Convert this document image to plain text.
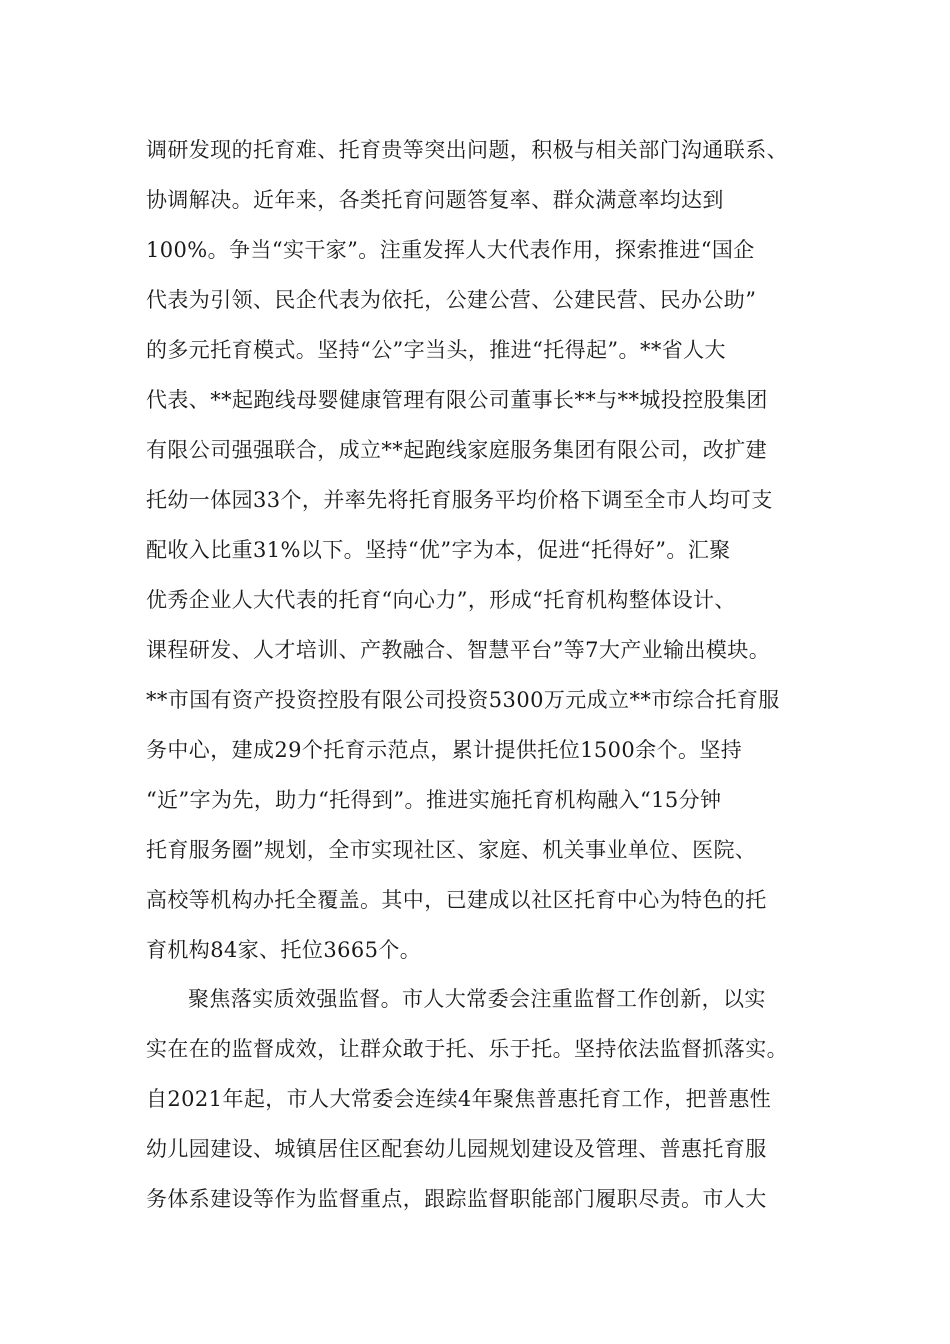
调研发现的托育难、托育贵等突出问题，积极与相关部门沟通联系、
协调解决。近年来，各类托育问题答复率、群众满意率均达到
100%。争当“实干家”。注重发挥人大代表作用，探索推进“国企
代表为引领、民企代表为依托，公建公营、公建民营、民办公助”
的多元托育模式。坚持“公”字当头，推进“托得起”。**省人大
代表、**起跑线母婴健康管理有限公司董事长**与**城投控股集团
有限公司强强联合，成立**起跑线家庭服务集团有限公司，改扩建
托幼一体园33个，并率先将托育服务平均价格下调至全市人均可支
配收入比重31%以下。坚持“优”字为本，促进“托得好”。汇聚
优秀企业人大代表的托育“向心力”，形成“托育机构整体设计、
课程研发、人才培训、产教融合、智慧平台”等7大产业输出模块。
**市国有资产投资控股有限公司投资5300万元成立**市综合托育服
务中心，建成29个托育示范点，累计提供托位1500余个。坚持
“近”字为先，助力“托得到”。推进实施托育机构融入“15分钟
托育服务圈”规划，全市实现社区、家庭、机关事业单位、医院、
高校等机构办托全覆盖。其中，已建成以社区托育中心为特色的托
育机构84家、托位3665个。
聚焦落实质效强监督。市人大常委会注重监督工作创新，以实
实在在的监督成效，让群众敢于托、乐于托。坚持依法监督抓落实。
自2021年起，市人大常委会连续4年聚焦普惠托育工作，把普惠性
幼儿园建设、城镇居住区配套幼儿园规划建设及管理、普惠托育服
务体系建设等作为监督重点，跟踪监督职能部门履职尽责。市人大
